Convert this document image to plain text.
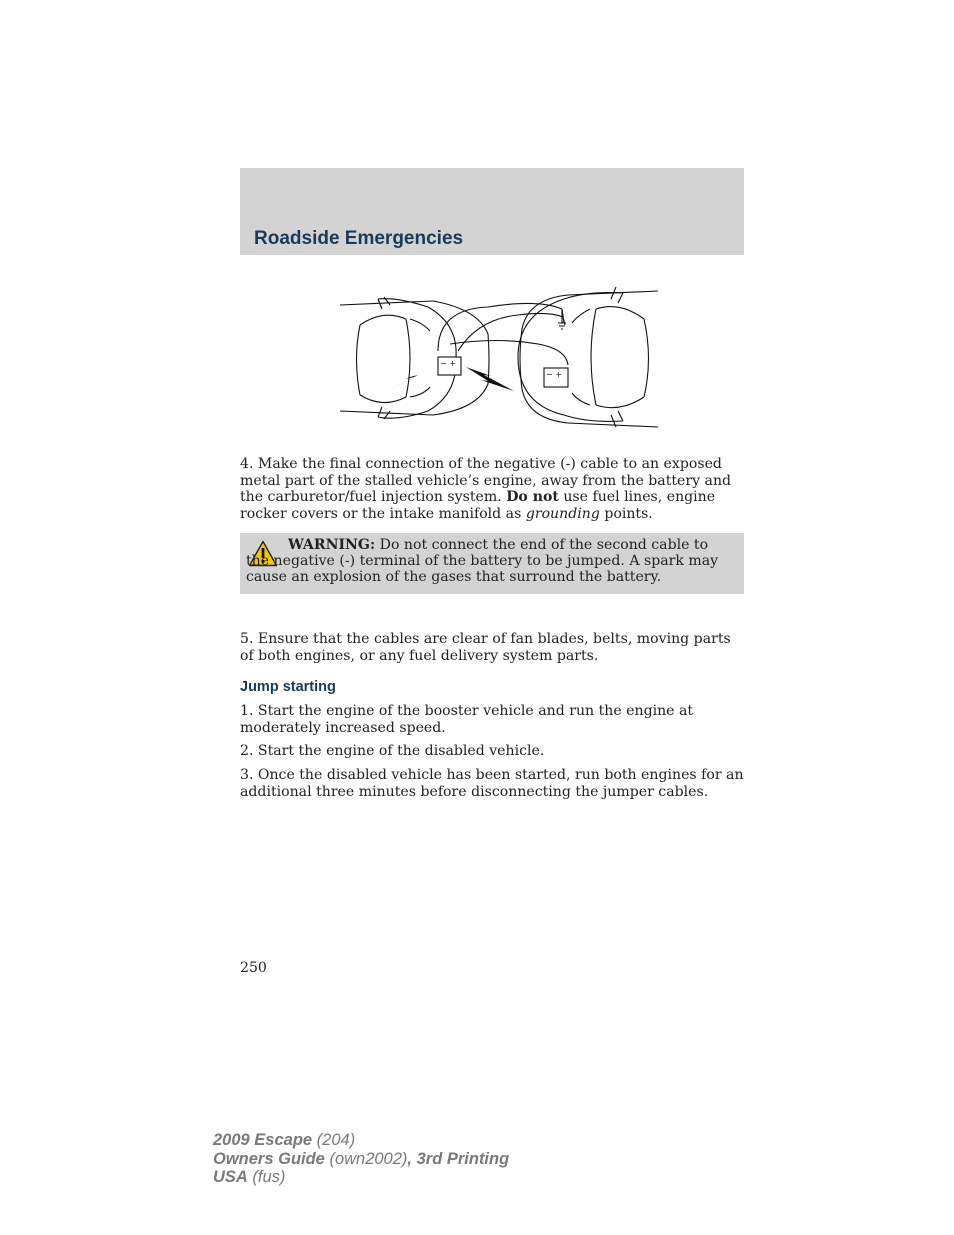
Roadside Emergencies
− +
− +

4. Make the final connection of the negative (-) cable to an exposed metal part of the stalled vehicle’s engine, away from the battery and the carburetor/fuel injection system. Do not use fuel lines, engine rocker covers or the intake manifold as grounding points.

WARNING: Do not connect the end of the second cable to the negative (-) terminal of the battery to be jumped. A spark may cause an explosion of the gases that surround the battery.

5. Ensure that the cables are clear of fan blades, belts, moving parts of both engines, or any fuel delivery system parts.

Jump starting

1. Start the engine of the booster vehicle and run the engine at moderately increased speed.

2. Start the engine of the disabled vehicle.

3. Once the disabled vehicle has been started, run both engines for an additional three minutes before disconnecting the jumper cables.

250
2009 Escape (204)
Owners Guide (own2002), 3rd Printing
USA (fus)
